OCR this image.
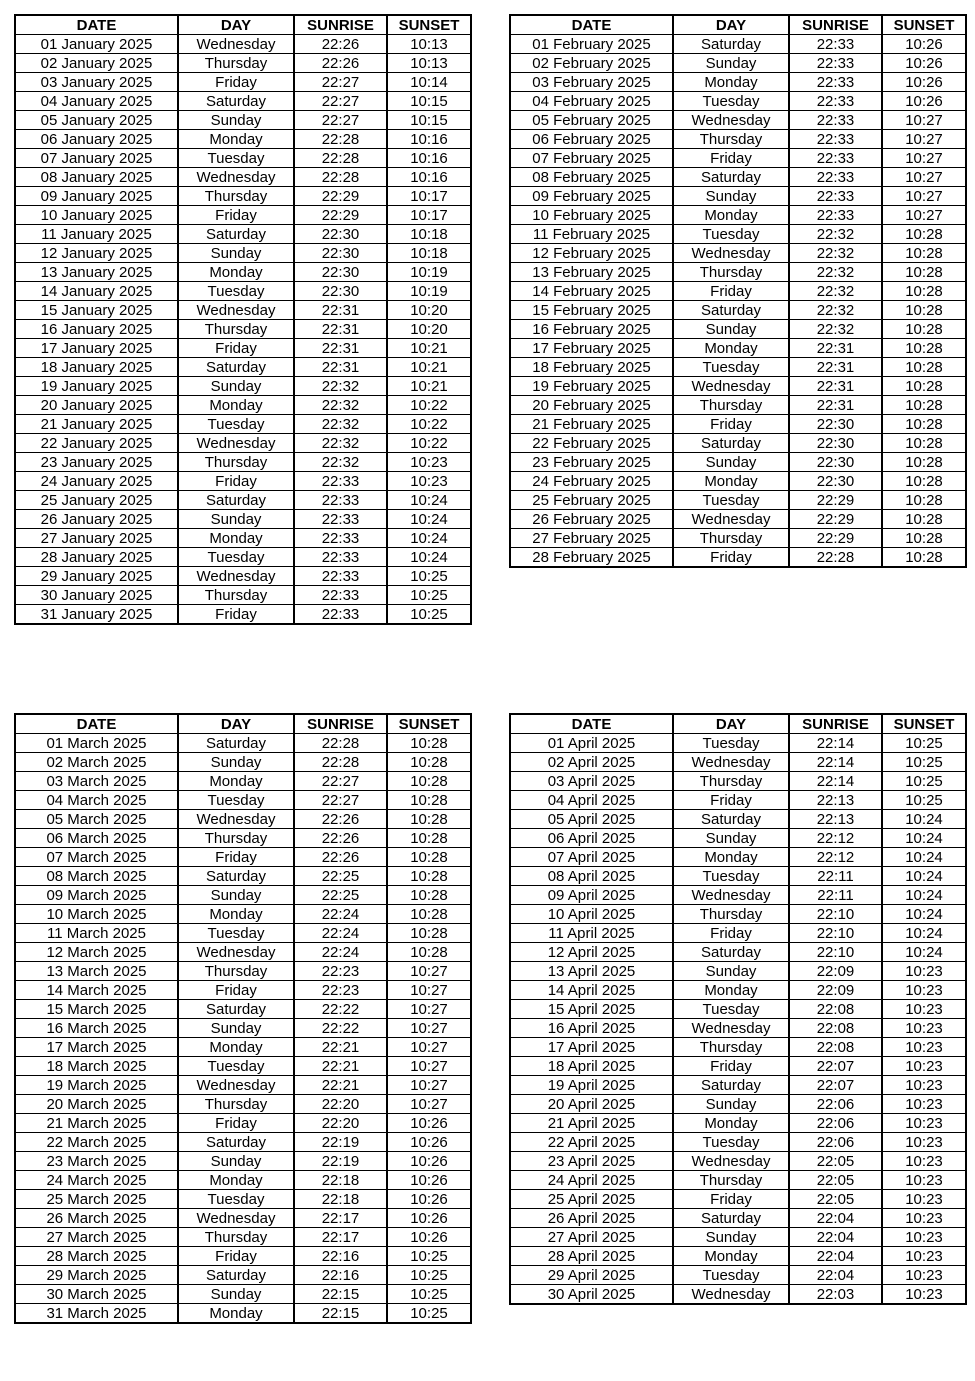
DATE	DAY	SUNRISE	SUNSET
01 January 2025	Wednesday	22:26	10:13
02 January 2025	Thursday	22:26	10:13
03 January 2025	Friday	22:27	10:14
04 January 2025	Saturday	22:27	10:15
05 January 2025	Sunday	22:27	10:15
06 January 2025	Monday	22:28	10:16
07 January 2025	Tuesday	22:28	10:16
08 January 2025	Wednesday	22:28	10:16
09 January 2025	Thursday	22:29	10:17
10 January 2025	Friday	22:29	10:17
11 January 2025	Saturday	22:30	10:18
12 January 2025	Sunday	22:30	10:18
13 January 2025	Monday	22:30	10:19
14 January 2025	Tuesday	22:30	10:19
15 January 2025	Wednesday	22:31	10:20
16 January 2025	Thursday	22:31	10:20
17 January 2025	Friday	22:31	10:21
18 January 2025	Saturday	22:31	10:21
19 January 2025	Sunday	22:32	10:21
20 January 2025	Monday	22:32	10:22
21 January 2025	Tuesday	22:32	10:22
22 January 2025	Wednesday	22:32	10:22
23 January 2025	Thursday	22:32	10:23
24 January 2025	Friday	22:33	10:23
25 January 2025	Saturday	22:33	10:24
26 January 2025	Sunday	22:33	10:24
27 January 2025	Monday	22:33	10:24
28 January 2025	Tuesday	22:33	10:24
29 January 2025	Wednesday	22:33	10:25
30 January 2025	Thursday	22:33	10:25
31 January 2025	Friday	22:33	10:25
DATE	DAY	SUNRISE	SUNSET
01 February 2025	Saturday	22:33	10:26
02 February 2025	Sunday	22:33	10:26
03 February 2025	Monday	22:33	10:26
04 February 2025	Tuesday	22:33	10:26
05 February 2025	Wednesday	22:33	10:27
06 February 2025	Thursday	22:33	10:27
07 February 2025	Friday	22:33	10:27
08 February 2025	Saturday	22:33	10:27
09 February 2025	Sunday	22:33	10:27
10 February 2025	Monday	22:33	10:27
11 February 2025	Tuesday	22:32	10:28
12 February 2025	Wednesday	22:32	10:28
13 February 2025	Thursday	22:32	10:28
14 February 2025	Friday	22:32	10:28
15 February 2025	Saturday	22:32	10:28
16 February 2025	Sunday	22:32	10:28
17 February 2025	Monday	22:31	10:28
18 February 2025	Tuesday	22:31	10:28
19 February 2025	Wednesday	22:31	10:28
20 February 2025	Thursday	22:31	10:28
21 February 2025	Friday	22:30	10:28
22 February 2025	Saturday	22:30	10:28
23 February 2025	Sunday	22:30	10:28
24 February 2025	Monday	22:30	10:28
25 February 2025	Tuesday	22:29	10:28
26 February 2025	Wednesday	22:29	10:28
27 February 2025	Thursday	22:29	10:28
28 February 2025	Friday	22:28	10:28
DATE	DAY	SUNRISE	SUNSET
01 March 2025	Saturday	22:28	10:28
02 March 2025	Sunday	22:28	10:28
03 March 2025	Monday	22:27	10:28
04 March 2025	Tuesday	22:27	10:28
05 March 2025	Wednesday	22:26	10:28
06 March 2025	Thursday	22:26	10:28
07 March 2025	Friday	22:26	10:28
08 March 2025	Saturday	22:25	10:28
09 March 2025	Sunday	22:25	10:28
10 March 2025	Monday	22:24	10:28
11 March 2025	Tuesday	22:24	10:28
12 March 2025	Wednesday	22:24	10:28
13 March 2025	Thursday	22:23	10:27
14 March 2025	Friday	22:23	10:27
15 March 2025	Saturday	22:22	10:27
16 March 2025	Sunday	22:22	10:27
17 March 2025	Monday	22:21	10:27
18 March 2025	Tuesday	22:21	10:27
19 March 2025	Wednesday	22:21	10:27
20 March 2025	Thursday	22:20	10:27
21 March 2025	Friday	22:20	10:26
22 March 2025	Saturday	22:19	10:26
23 March 2025	Sunday	22:19	10:26
24 March 2025	Monday	22:18	10:26
25 March 2025	Tuesday	22:18	10:26
26 March 2025	Wednesday	22:17	10:26
27 March 2025	Thursday	22:17	10:26
28 March 2025	Friday	22:16	10:25
29 March 2025	Saturday	22:16	10:25
30 March 2025	Sunday	22:15	10:25
31 March 2025	Monday	22:15	10:25
DATE	DAY	SUNRISE	SUNSET
01 April 2025	Tuesday	22:14	10:25
02 April 2025	Wednesday	22:14	10:25
03 April 2025	Thursday	22:14	10:25
04 April 2025	Friday	22:13	10:25
05 April 2025	Saturday	22:13	10:24
06 April 2025	Sunday	22:12	10:24
07 April 2025	Monday	22:12	10:24
08 April 2025	Tuesday	22:11	10:24
09 April 2025	Wednesday	22:11	10:24
10 April 2025	Thursday	22:10	10:24
11 April 2025	Friday	22:10	10:24
12 April 2025	Saturday	22:10	10:24
13 April 2025	Sunday	22:09	10:23
14 April 2025	Monday	22:09	10:23
15 April 2025	Tuesday	22:08	10:23
16 April 2025	Wednesday	22:08	10:23
17 April 2025	Thursday	22:08	10:23
18 April 2025	Friday	22:07	10:23
19 April 2025	Saturday	22:07	10:23
20 April 2025	Sunday	22:06	10:23
21 April 2025	Monday	22:06	10:23
22 April 2025	Tuesday	22:06	10:23
23 April 2025	Wednesday	22:05	10:23
24 April 2025	Thursday	22:05	10:23
25 April 2025	Friday	22:05	10:23
26 April 2025	Saturday	22:04	10:23
27 April 2025	Sunday	22:04	10:23
28 April 2025	Monday	22:04	10:23
29 April 2025	Tuesday	22:04	10:23
30 April 2025	Wednesday	22:03	10:23
